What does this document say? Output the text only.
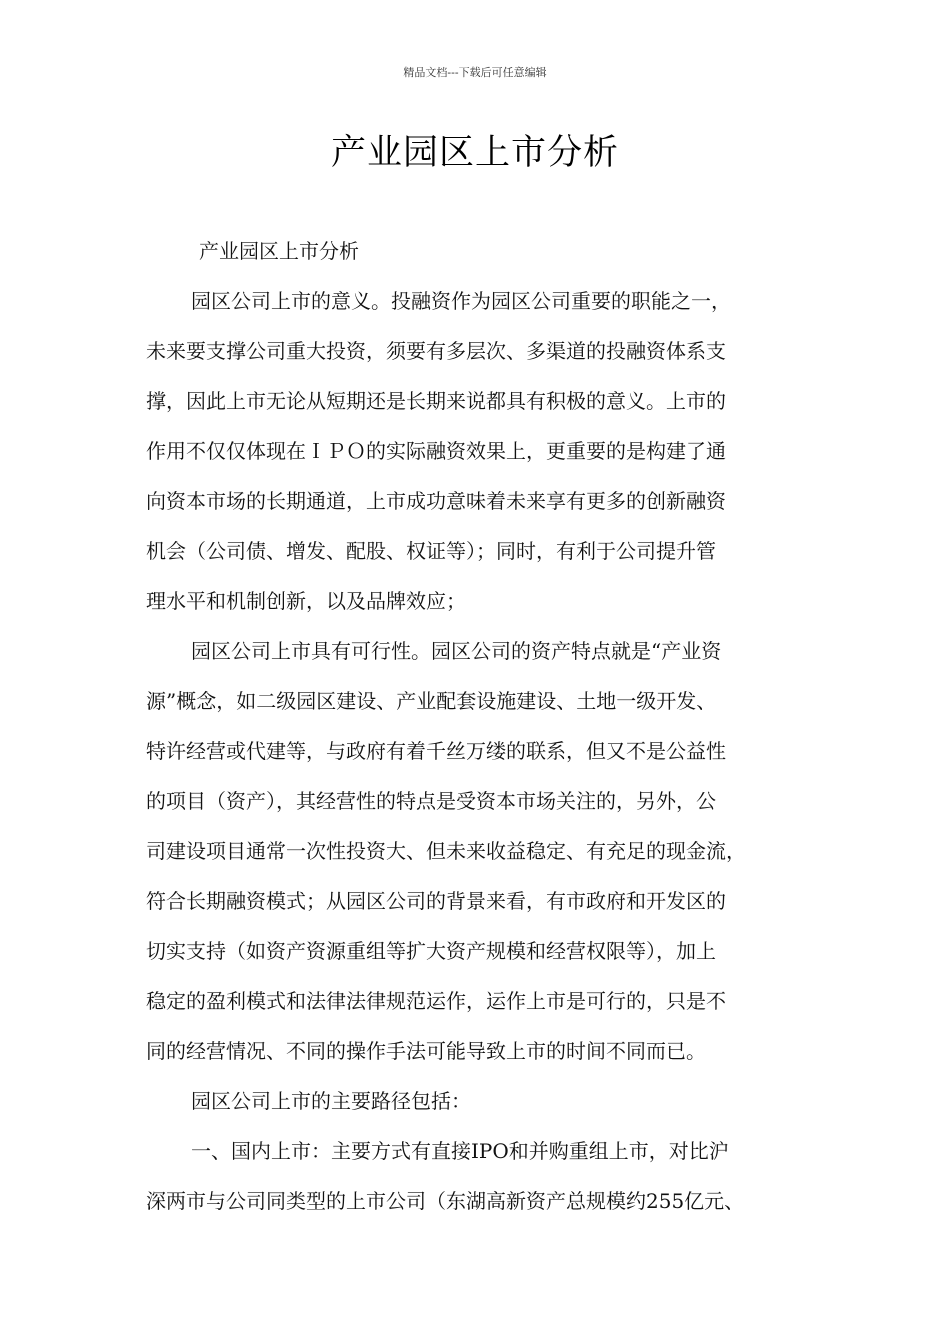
精品文档---下载后可任意编辑
产业园区上市分析
产业园区上市分析
园区公司上市的意义。投融资作为园区公司重要的职能之一，
未来要支撑公司重大投资，须要有多层次、多渠道的投融资体系支
撑，因此上市无论从短期还是长期来说都具有积极的意义。上市的
作用不仅仅体现在ＩＰＯ的实际融资效果上，更重要的是构建了通
向资本市场的长期通道，上市成功意味着未来享有更多的创新融资
机会（公司债、增发、配股、权证等）；同时，有利于公司提升管
理水平和机制创新，以及品牌效应；
园区公司上市具有可行性。园区公司的资产特点就是“产业资
源”概念，如二级园区建设、产业配套设施建设、土地一级开发、
特许经营或代建等，与政府有着千丝万缕的联系，但又不是公益性
的项目（资产），其经营性的特点是受资本市场关注的，另外，公
司建设项目通常一次性投资大、但未来收益稳定、有充足的现金流，
符合长期融资模式；从园区公司的背景来看，有市政府和开发区的
切实支持（如资产资源重组等扩大资产规模和经营权限等），加上
稳定的盈利模式和法律法律规范运作，运作上市是可行的，只是不
同的经营情况、不同的操作手法可能导致上市的时间不同而已。
园区公司上市的主要路径包括：
一、国内上市：主要方式有直接IPO和并购重组上市，对比沪
深两市与公司同类型的上市公司（东湖高新资产总规模约255亿元、
